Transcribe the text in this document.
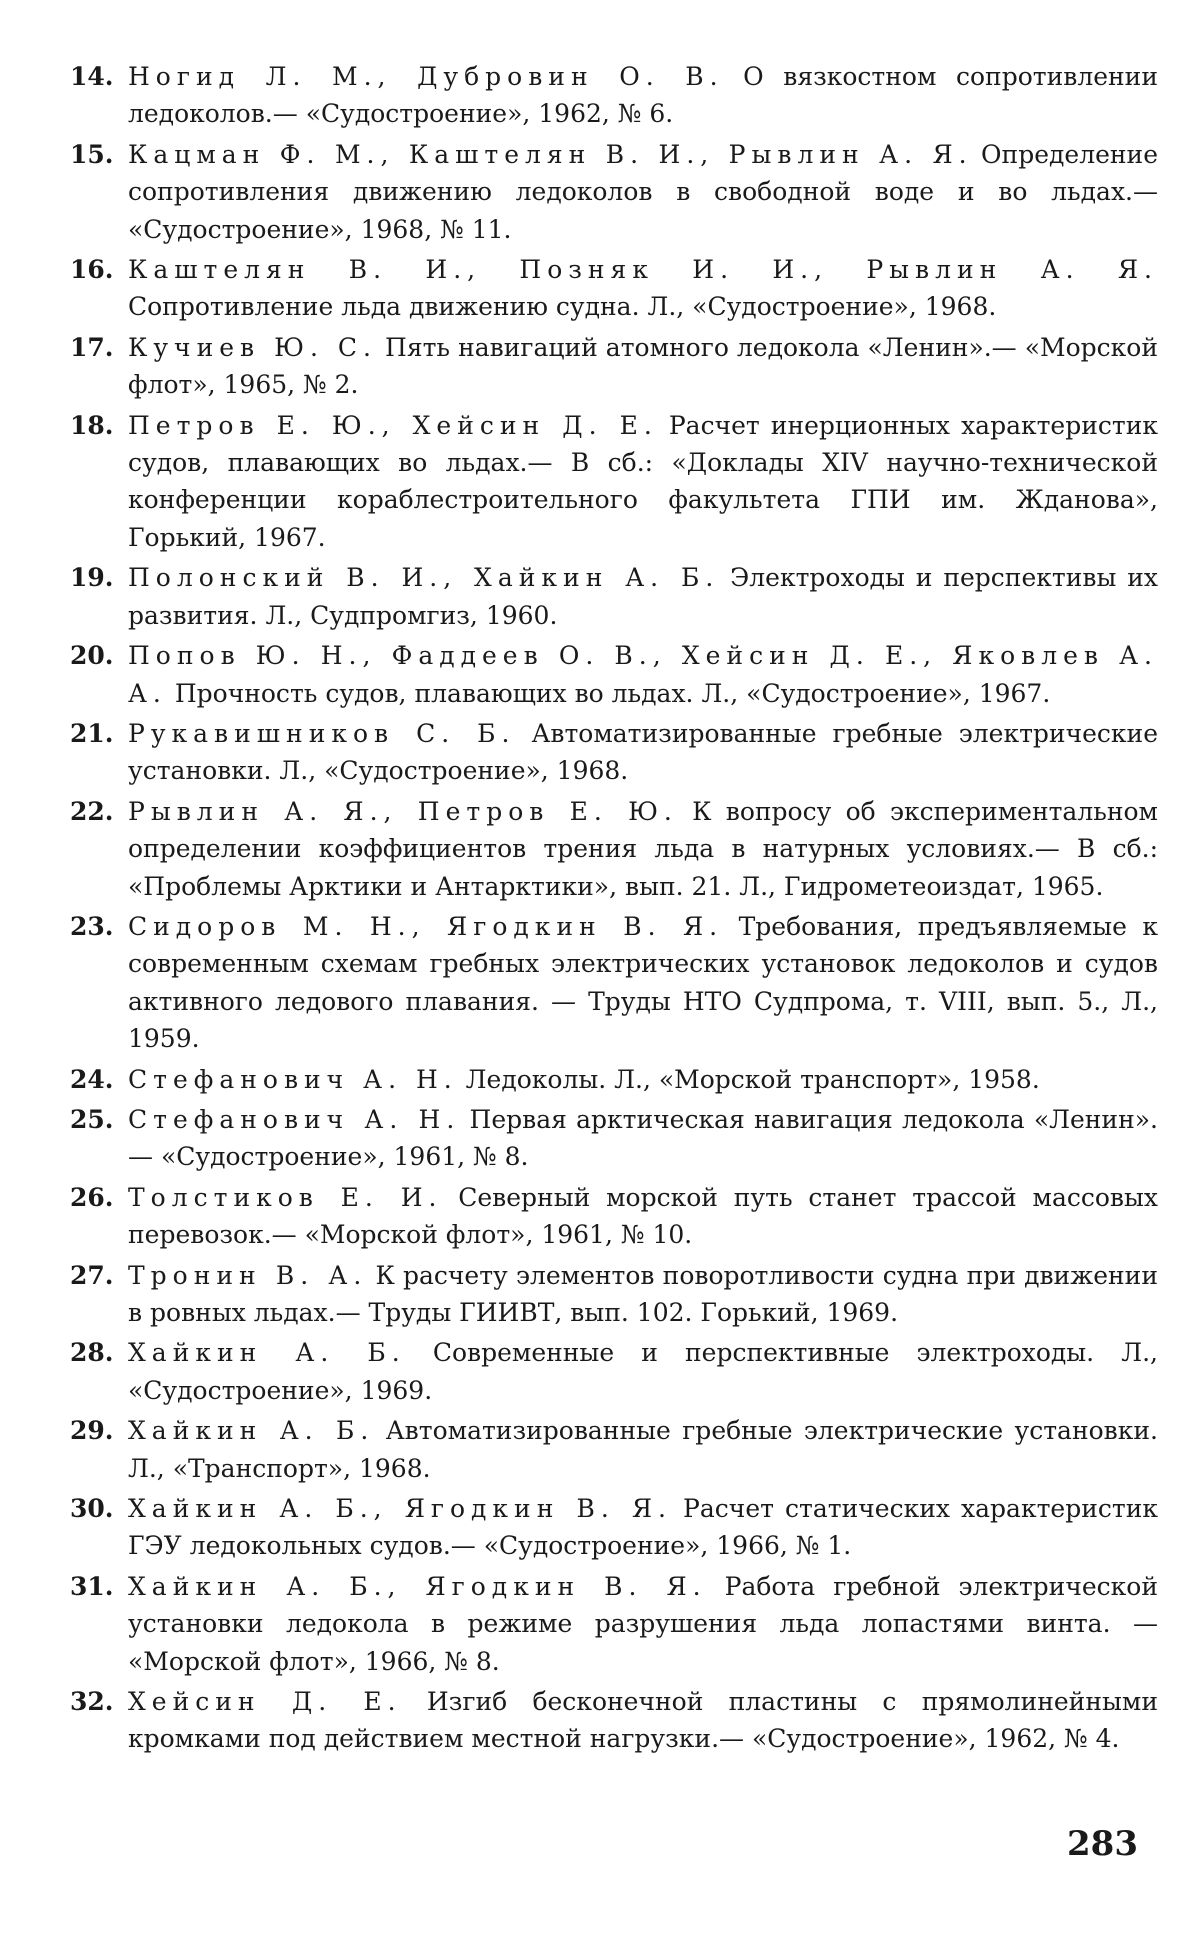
14. Ногид Л. М., Дубровин О. В. О вязкостном сопротивлении ледоколов.— «Судостроение», 1962, № 6.
15. Кацман Ф. М., Каштелян В. И., Рывлин А. Я. Определение сопротивления движению ледоколов в свободной воде и во льдах.— «Судостроение», 1968, № 11.
16. Каштелян В. И., Позняк И. И., Рывлин А. Я. Сопротивление льда движению судна. Л., «Судостроение», 1968.
17. Кучиев Ю. С. Пять навигаций атомного ледокола «Ленин».— «Морской флот», 1965, № 2.
18. Петров Е. Ю., Хейсин Д. Е. Расчет инерционных характеристик судов, плавающих во льдах.— В сб.: «Доклады XIV научно-технической конференции кораблестроительного факультета ГПИ им. Жданова», Горький, 1967.
19. Полонский В. И., Хайкин А. Б. Электроходы и перспективы их развития. Л., Судпромгиз, 1960.
20. Попов Ю. Н., Фаддеев О. В., Хейсин Д. Е., Яковлев А. А. Прочность судов, плавающих во льдах. Л., «Судостроение», 1967.
21. Рукавишников С. Б. Автоматизированные гребные электрические установки. Л., «Судостроение», 1968.
22. Рывлин А. Я., Петров Е. Ю. К вопросу об экспериментальном определении коэффициентов трения льда в натурных условиях.— В сб.: «Проблемы Арктики и Антарктики», вып. 21. Л., Гидрометеоиздат, 1965.
23. Сидоров М. Н., Ягодкин В. Я. Требования, предъявляемые к современным схемам гребных электрических установок ледоколов и судов активного ледового плавания. — Труды НТО Судпрома, т. VIII, вып. 5., Л., 1959.
24. Стефанович А. Н. Ледоколы. Л., «Морской транспорт», 1958.
25. Стефанович А. Н. Первая арктическая навигация ледокола «Ленин».— «Судостроение», 1961, № 8.
26. Толстиков Е. И. Северный морской путь станет трассой массовых перевозок.— «Морской флот», 1961, № 10.
27. Тронин В. А. К расчету элементов поворотливости судна при движении в ровных льдах.— Труды ГИИВТ, вып. 102. Горький, 1969.
28. Хайкин А. Б. Современные и перспективные электроходы. Л., «Судостроение», 1969.
29. Хайкин А. Б. Автоматизированные гребные электрические установки. Л., «Транспорт», 1968.
30. Хайкин А. Б., Ягодкин В. Я. Расчет статических характеристик ГЭУ ледокольных судов.— «Судостроение», 1966, № 1.
31. Хайкин А. Б., Ягодкин В. Я. Работа гребной электрической установки ледокола в режиме разрушения льда лопастями винта. — «Морской флот», 1966, № 8.
32. Хейсин Д. Е. Изгиб бесконечной пластины с прямолинейными кромками под действием местной нагрузки.— «Судостроение», 1962, № 4.
283
